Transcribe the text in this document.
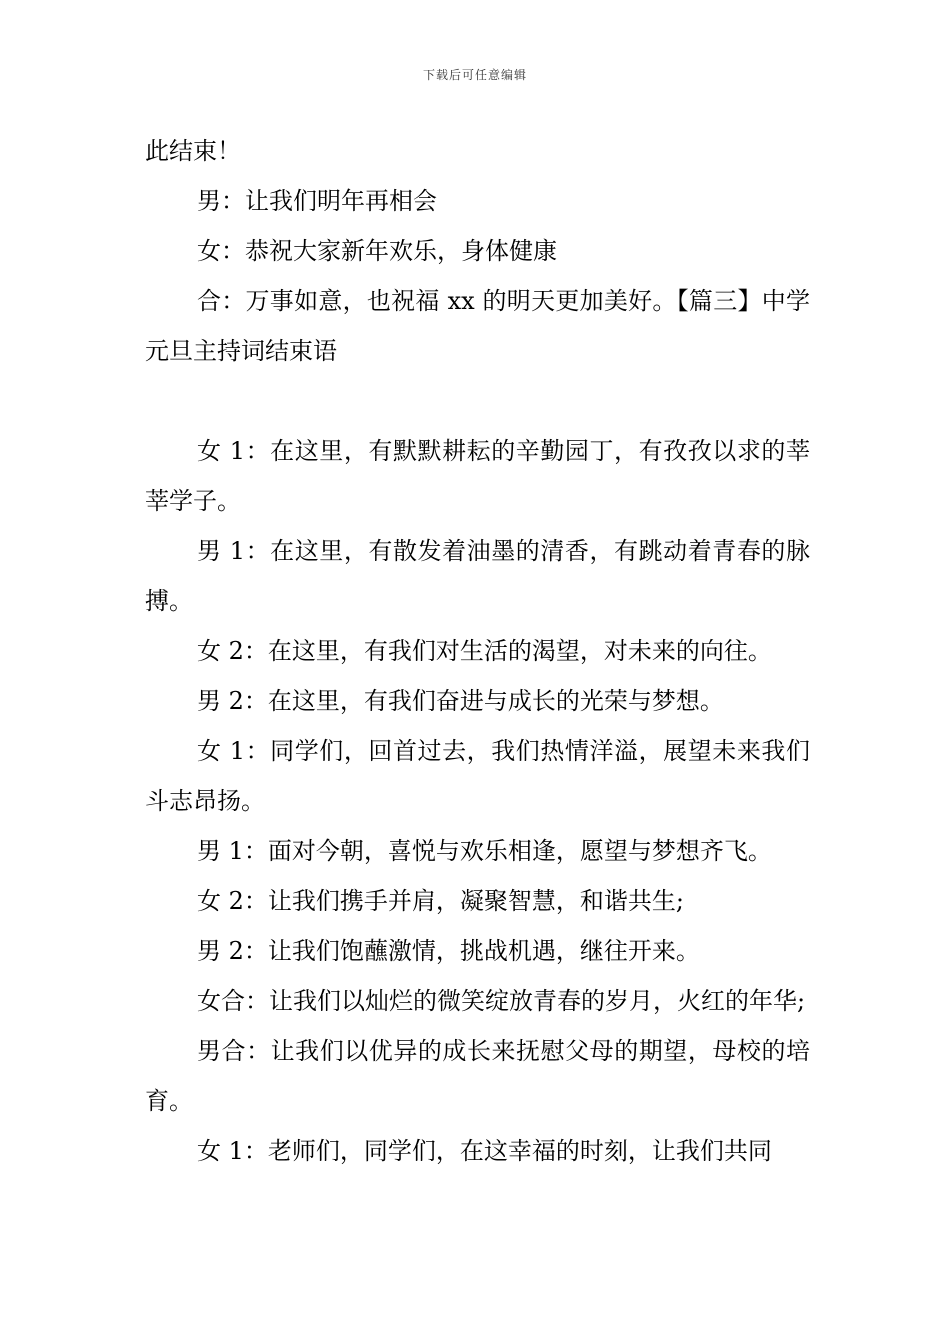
下载后可任意编辑

此结束！

男：让我们明年再相会

女：恭祝大家新年欢乐，身体健康

合：万事如意，也祝福 xx 的明天更加美好。【篇三】中学元旦主持词结束语

女 1：在这里，有默默耕耘的辛勤园丁，有孜孜以求的莘莘学子。

男 1：在这里，有散发着油墨的清香，有跳动着青春的脉搏。

女 2：在这里，有我们对生活的渴望，对未来的向往。

男 2：在这里，有我们奋进与成长的光荣与梦想。

女 1：同学们，回首过去，我们热情洋溢，展望未来我们斗志昂扬。

男 1：面对今朝，喜悦与欢乐相逢，愿望与梦想齐飞。

女 2：让我们携手并肩，凝聚智慧，和谐共生;

男 2：让我们饱蘸激情，挑战机遇，继往开来。

女合：让我们以灿烂的微笑绽放青春的岁月，火红的年华;

男合：让我们以优异的成长来抚慰父母的期望，母校的培育。

女 1：老师们，同学们，在这幸福的时刻，让我们共同
